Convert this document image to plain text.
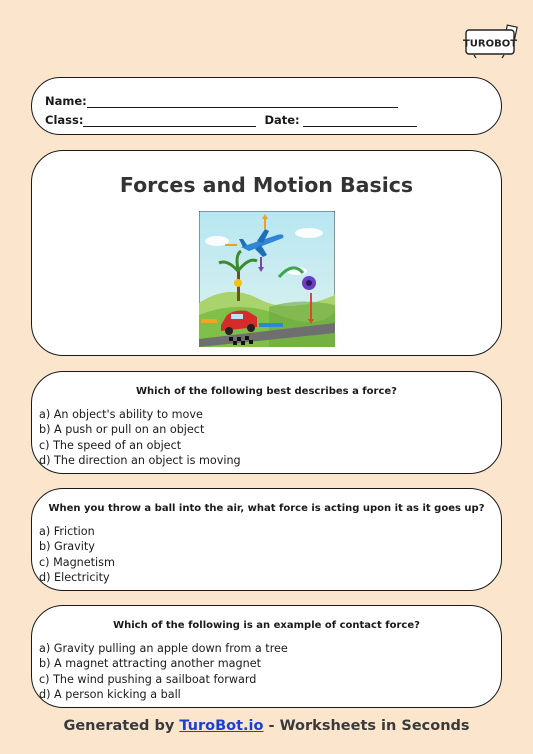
TUROBOT
Name:
Class:	Date:
Forces and Motion Basics
Which of the following best describes a force?
a) An object's ability to move
b) A push or pull on an object
c) The speed of an object
d) The direction an object is moving
When you throw a ball into the air, what force is acting upon it as it goes up?
a) Friction
b) Gravity
c) Magnetism
d) Electricity
Which of the following is an example of contact force?
a) Gravity pulling an apple down from a tree
b) A magnet attracting another magnet
c) The wind pushing a sailboat forward
d) A person kicking a ball
Generated by TuroBot.io - Worksheets in Seconds
